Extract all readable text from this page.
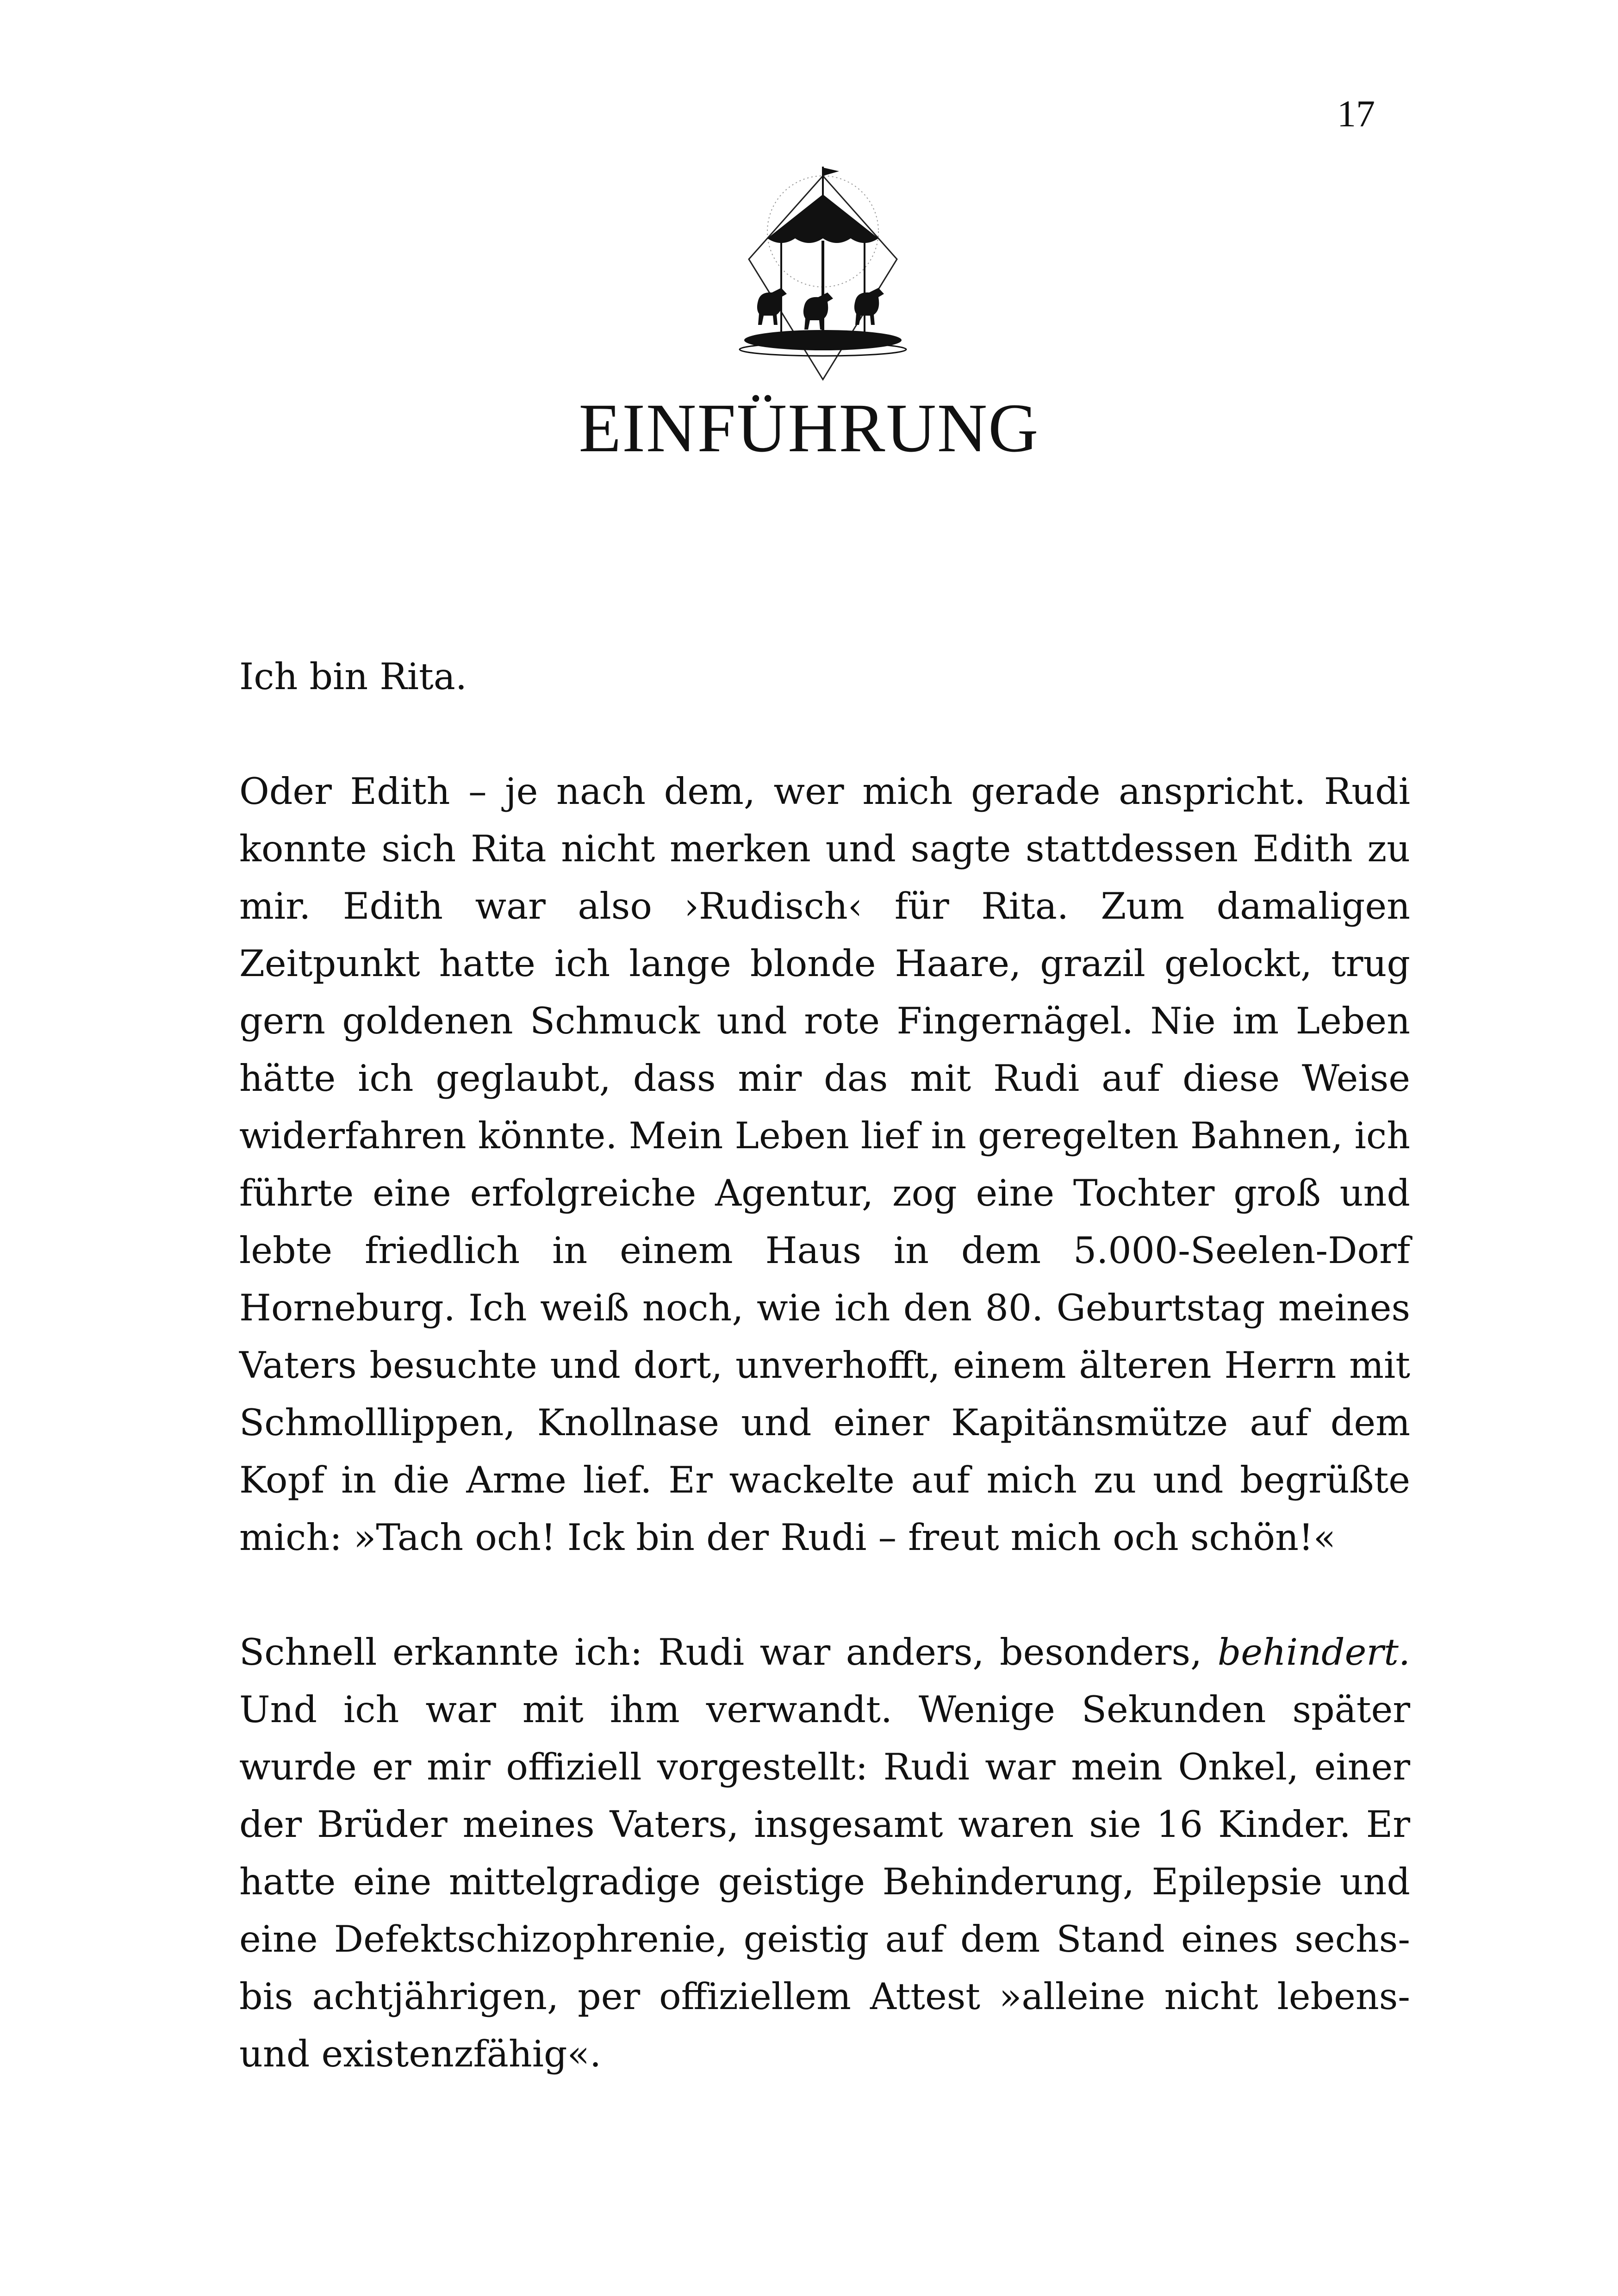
17
EINFÜHRUNG

Ich bin Rita.

Oder Edith – je nach dem, wer mich gerade anspricht. Rudi konnte sich Rita nicht merken und sagte stattdessen Edith zu mir. Edith war also ›Rudisch‹ für Rita. Zum damaligen Zeitpunkt hatte ich lange blonde Haare, grazil gelockt, trug gern goldenen Schmuck und rote Fingernägel. Nie im Leben hätte ich geglaubt, dass mir das mit Rudi auf diese Weise widerfahren könnte. Mein Leben lief in geregelten Bahnen, ich führte eine erfolgreiche Agentur, zog eine Tochter groß und lebte friedlich in einem Haus in dem 5.000-Seelen-Dorf Horneburg. Ich weiß noch, wie ich den 80. Geburtstag meines Vaters besuchte und dort, unverhofft, einem älteren Herrn mit Schmolllippen, Knollnase und einer Kapitänsmütze auf dem Kopf in die Arme lief. Er wackelte auf mich zu und begrüßte mich: »Tach och! Ick bin der Rudi – freut mich och schön!«

Schnell erkannte ich: Rudi war anders, besonders, behindert. Und ich war mit ihm verwandt. Wenige Sekunden später wurde er mir offiziell vorgestellt: Rudi war mein Onkel, einer der Brüder meines Vaters, insgesamt waren sie 16 Kinder. Er hatte eine mittelgradige geistige Behinderung, Epilepsie und eine Defektschizophrenie, geistig auf dem Stand eines sechs- bis achtjährigen, per offiziellem Attest »alleine nicht lebens- und existenzfähig«.
